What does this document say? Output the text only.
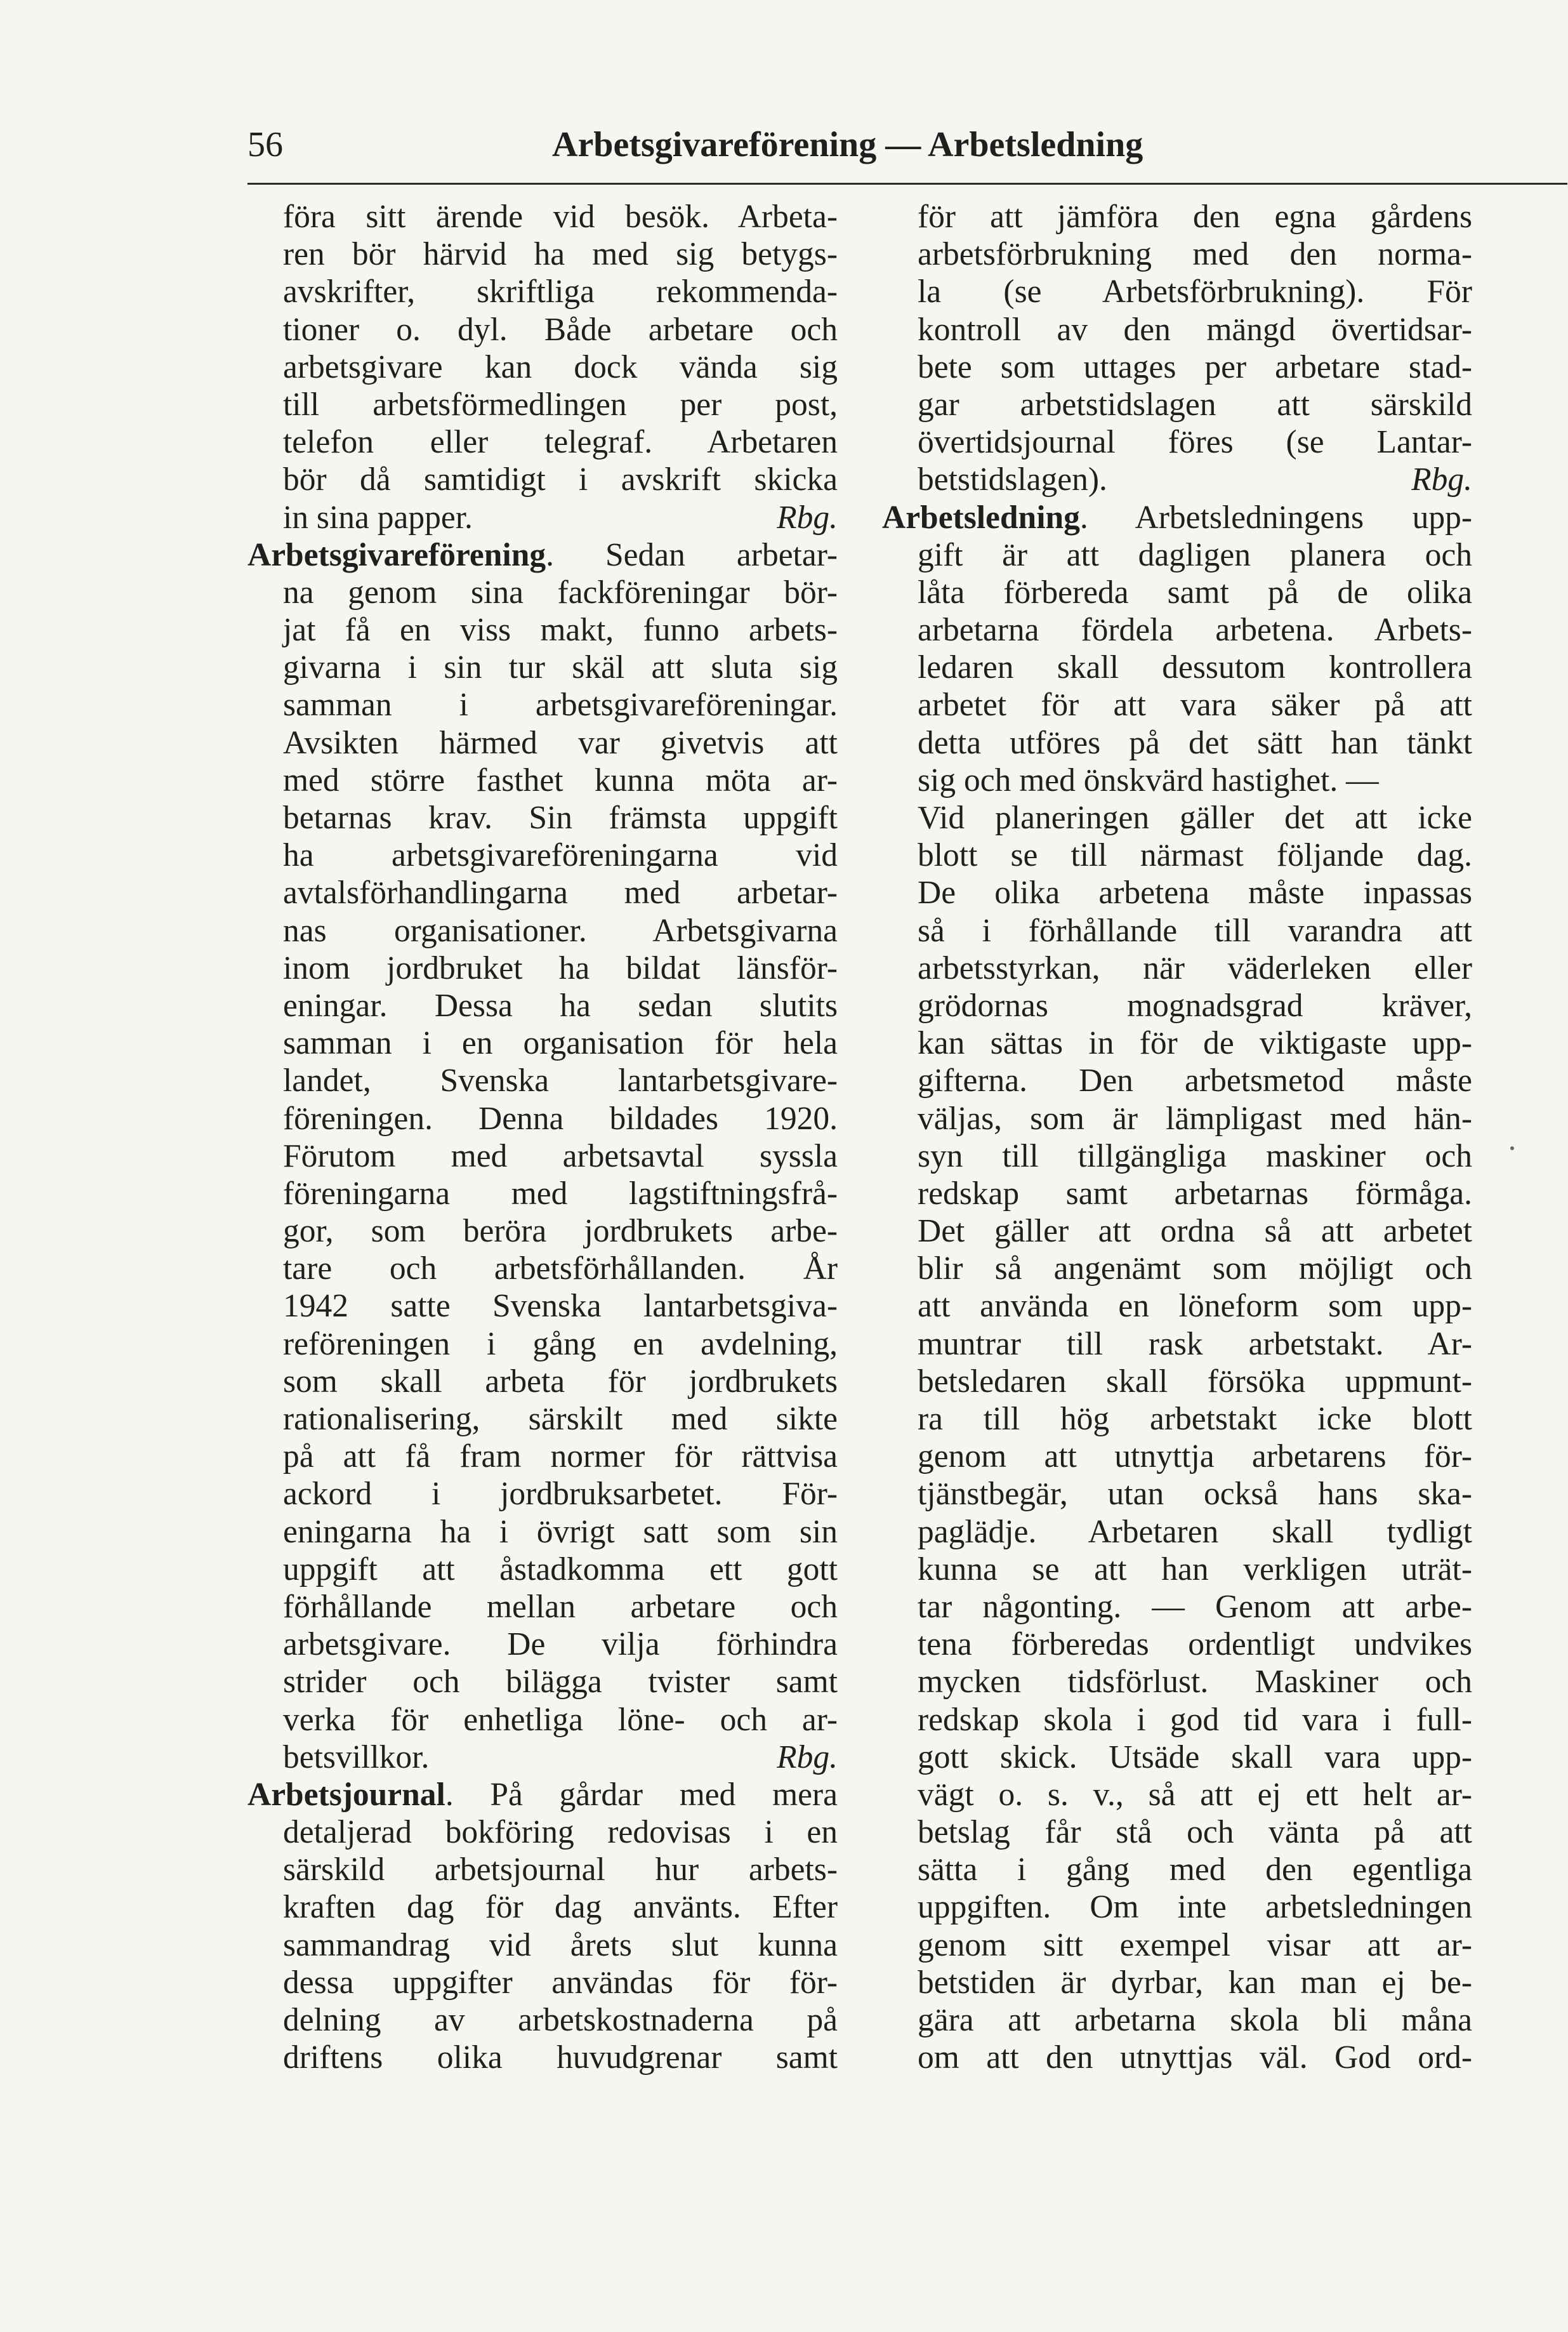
56	Arbetsgivareförening — Arbetsledning
föra sitt ärende vid besök. Arbeta-
ren bör härvid ha med sig betygs-
avskrifter, skriftliga rekommenda-
tioner o. dyl. Både arbetare och
arbetsgivare kan dock vända sig
till arbetsförmedlingen per post,
telefon eller telegraf. Arbetaren
bör då samtidigt i avskrift skicka
in sina papper.	Rbg.
Arbetsgivareförening. Sedan arbetar-
na genom sina fackföreningar bör-
jat få en viss makt, funno arbets-
givarna i sin tur skäl att sluta sig
samman i arbetsgivareföreningar.
Avsikten härmed var givetvis att
med större fasthet kunna möta ar-
betarnas krav. Sin främsta uppgift
ha arbetsgivareföreningarna vid
avtalsförhandlingarna med arbetar-
nas organisationer. Arbetsgivarna
inom jordbruket ha bildat länsför-
eningar. Dessa ha sedan slutits
samman i en organisation för hela
landet, Svenska lantarbetsgivare-
föreningen. Denna bildades 1920.
Förutom med arbetsavtal syssla
föreningarna med lagstiftningsfrå-
gor, som beröra jordbrukets arbe-
tare och arbetsförhållanden. År
1942 satte Svenska lantarbetsgiva-
reföreningen i gång en avdelning,
som skall arbeta för jordbrukets
rationalisering, särskilt med sikte
på att få fram normer för rättvisa
ackord i jordbruksarbetet. För-
eningarna ha i övrigt satt som sin
uppgift att åstadkomma ett gott
förhållande mellan arbetare och
arbetsgivare. De vilja förhindra
strider och bilägga tvister samt
verka för enhetliga löne- och ar-
betsvillkor.	Rbg.
Arbetsjournal. På gårdar med mera
detaljerad bokföring redovisas i en
särskild arbetsjournal hur arbets-
kraften dag för dag använts. Efter
sammandrag vid årets slut kunna
dessa uppgifter användas för för-
delning av arbetskostnaderna på
driftens olika huvudgrenar samt
för att jämföra den egna gårdens
arbetsförbrukning med den norma-
la (se Arbetsförbrukning). För
kontroll av den mängd övertidsar-
bete som uttages per arbetare stad-
gar arbetstidslagen att särskild
övertidsjournal föres (se Lantar-
betstidslagen).	Rbg.
Arbetsledning. Arbetsledningens upp-
gift är att dagligen planera och
låta förbereda samt på de olika
arbetarna fördela arbetena. Arbets-
ledaren skall dessutom kontrollera
arbetet för att vara säker på att
detta utföres på det sätt han tänkt
sig och med önskvärd hastighet. —
Vid planeringen gäller det att icke
blott se till närmast följande dag.
De olika arbetena måste inpassas
så i förhållande till varandra att
arbetsstyrkan, när väderleken eller
grödornas mognadsgrad kräver,
kan sättas in för de viktigaste upp-
gifterna. Den arbetsmetod måste
väljas, som är lämpligast med hän-
syn till tillgängliga maskiner och
redskap samt arbetarnas förmåga.
Det gäller att ordna så att arbetet
blir så angenämt som möjligt och
att använda en löneform som upp-
muntrar till rask arbetstakt. Ar-
betsledaren skall försöka uppmunt-
ra till hög arbetstakt icke blott
genom att utnyttja arbetarens för-
tjänstbegär, utan också hans ska-
paglädje. Arbetaren skall tydligt
kunna se att han verkligen uträt-
tar någonting. — Genom att arbe-
tena förberedas ordentligt undvikes
mycken tidsförlust. Maskiner och
redskap skola i god tid vara i full-
gott skick. Utsäde skall vara upp-
vägt o. s. v., så att ej ett helt ar-
betslag får stå och vänta på att
sätta i gång med den egentliga
uppgiften. Om inte arbetsledningen
genom sitt exempel visar att ar-
betstiden är dyrbar, kan man ej be-
gära att arbetarna skola bli måna
om att den utnyttjas väl. God ord-
